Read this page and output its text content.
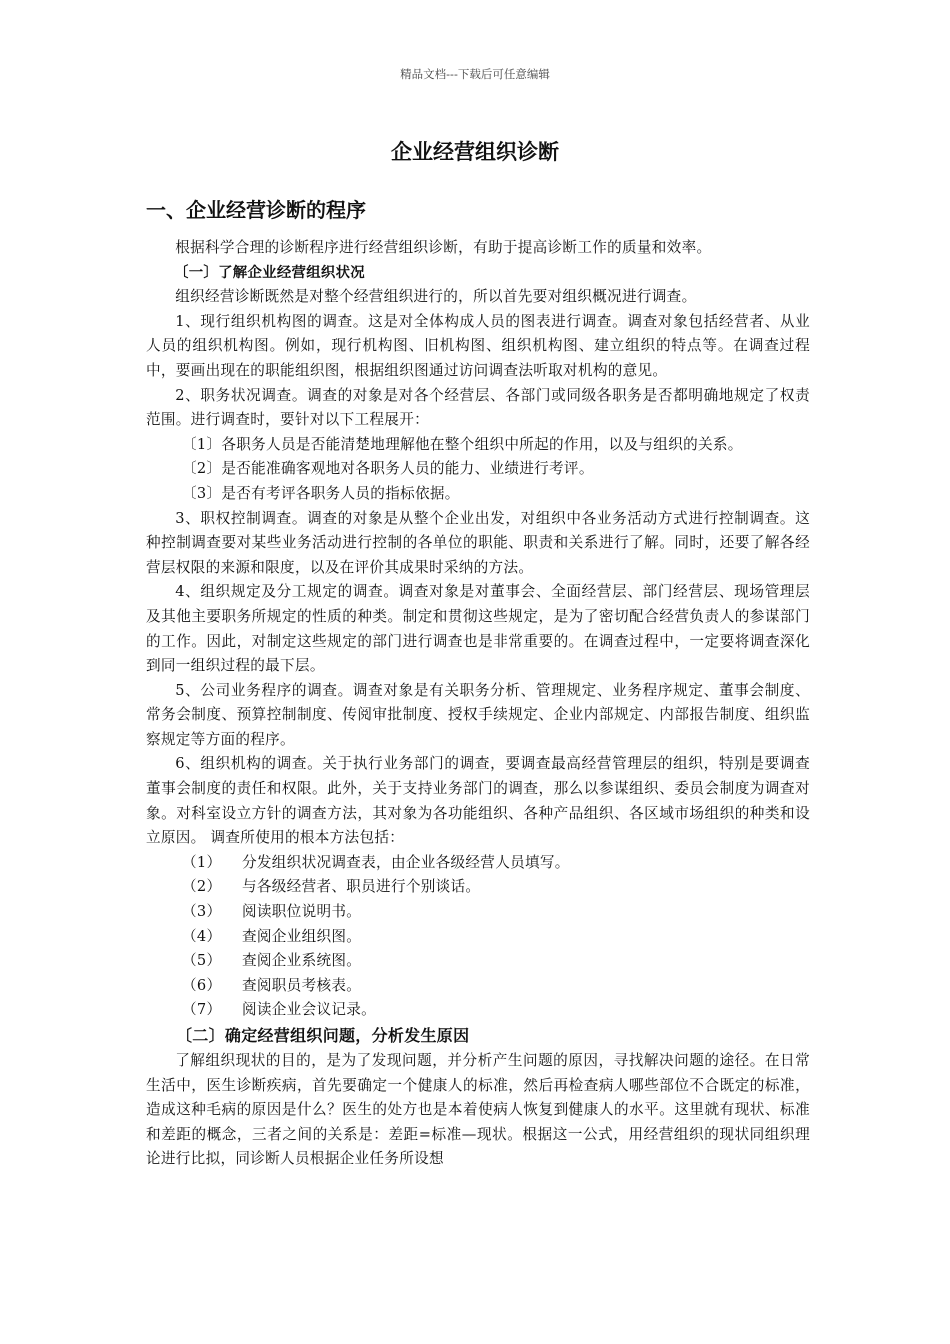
精品文档---下载后可任意编辑
企业经营组织诊断
一、企业经营诊断的程序

根据科学合理的诊断程序进行经营组织诊断，有助于提高诊断工作的质量和效率。

〔一〕了解企业经营组织状况

组织经营诊断既然是对整个经营组织进行的，所以首先要对组织概况进行调查。

1、现行组织机构图的调查。这是对全体构成人员的图表进行调查。调查对象包括经营者、从业人员的组织机构图。例如，现行机构图、旧机构图、组织机构图、建立组织的特点等。在调查过程中，要画出现在的职能组织图，根据组织图通过访问调查法听取对机构的意见。

2、职务状况调查。调查的对象是对各个经营层、各部门或同级各职务是否都明确地规定了权责范围。进行调查时，要针对以下工程展开：

〔1〕各职务人员是否能清楚地理解他在整个组织中所起的作用，以及与组织的关系。

〔2〕是否能准确客观地对各职务人员的能力、业绩进行考评。

〔3〕是否有考评各职务人员的指标依据。

3、职权控制调查。调查的对象是从整个企业出发，对组织中各业务活动方式进行控制调查。这种控制调查要对某些业务活动进行控制的各单位的职能、职责和关系进行了解。同时，还要了解各经营层权限的来源和限度，以及在评价其成果时采纳的方法。

4、组织规定及分工规定的调查。调查对象是对董事会、全面经营层、部门经营层、现场管理层及其他主要职务所规定的性质的种类。制定和贯彻这些规定，是为了密切配合经营负责人的参谋部门的工作。因此，对制定这些规定的部门进行调查也是非常重要的。在调查过程中，一定要将调查深化到同一组织过程的最下层。

5、公司业务程序的调查。调查对象是有关职务分析、管理规定、业务程序规定、董事会制度、常务会制度、预算控制制度、传阅审批制度、授权手续规定、企业内部规定、内部报告制度、组织监察规定等方面的程序。

6、组织机构的调查。关于执行业务部门的调查，要调查最高经营管理层的组织，特别是要调查董事会制度的责任和权限。此外，关于支持业务部门的调查，那么以参谋组织、委员会制度为调查对象。对科室设立方针的调查方法，其对象为各功能组织、各种产品组织、各区域市场组织的种类和设立原因。 调查所使用的根本方法包括：

（1）	分发组织状况调查表，由企业各级经营人员填写。
（2）	与各级经营者、职员进行个别谈话。
（3）	阅读职位说明书。
（4）	查阅企业组织图。
（5）	查阅企业系统图。
（6）	查阅职员考核表。
（7）	阅读企业会议记录。

〔二〕确定经营组织问题，分析发生原因

了解组织现状的目的，是为了发现问题，并分析产生问题的原因，寻找解决问题的途径。在日常生活中，医生诊断疾病，首先要确定一个健康人的标准，然后再检查病人哪些部位不合既定的标准，造成这种毛病的原因是什么？医生的处方也是本着使病人恢复到健康人的水平。这里就有现状、标准和差距的概念，三者之间的关系是：差距=标准—现状。根据这一公式，用经营组织的现状同组织理论进行比拟，同诊断人员根据企业任务所设想
